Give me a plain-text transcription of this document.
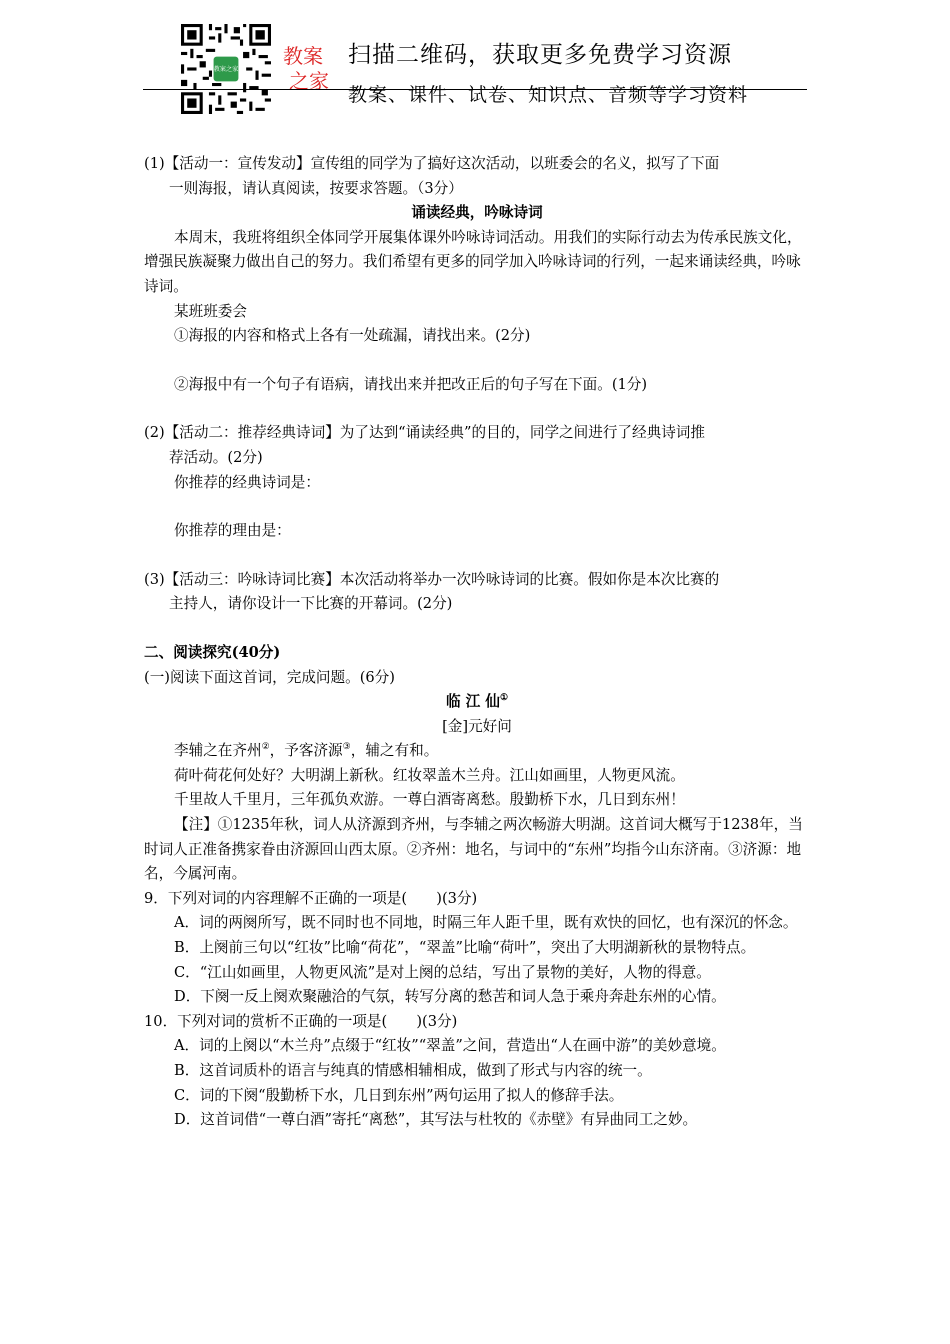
教案之家
教案
之家
扫描二维码，获取更多免费学习资源
教案、课件、试卷、知识点、音频等学习资料

(1)【活动一：宣传发动】宣传组的同学为了搞好这次活动，以班委会的名义，拟写了下面
一则海报，请认真阅读，按要求答题。（3分）

诵读经典，吟咏诗词

本周末，我班将组织全体同学开展集体课外吟咏诗词活动。用我们的实际行动去为传承民族文化，增强民族凝聚力做出自己的努力。我们希望有更多的同学加入吟咏诗词的行列，一起来诵读经典，吟咏诗词。

某班班委会

①海报的内容和格式上各有一处疏漏，请找出来。(2分)

②海报中有一个句子有语病，请找出来并把改正后的句子写在下面。(1分)

(2)【活动二：推荐经典诗词】为了达到“诵读经典”的目的，同学之间进行了经典诗词推
荐活动。(2分)

你推荐的经典诗词是：

你推荐的理由是：

(3)【活动三：吟咏诗词比赛】本次活动将举办一次吟咏诗词的比赛。假如你是本次比赛的
主持人，请你设计一下比赛的开幕词。(2分)

二、阅读探究(40分)

(一)阅读下面这首词，完成问题。(6分)

临 江 仙①

[金]元好问

李辅之在齐州②，予客济源③，辅之有和。

荷叶荷花何处好？大明湖上新秋。红妆翠盖木兰舟。江山如画里，人物更风流。

千里故人千里月，三年孤负欢游。一尊白酒寄离愁。殷勤桥下水，几日到东州！

【注】①1235年秋，词人从济源到齐州，与李辅之两次畅游大明湖。这首词大概写于1238年，当时词人正准备携家眷由济源回山西太原。②齐州：地名，与词中的“东州”均指今山东济南。③济源：地名，今属河南。

9．下列对词的内容理解不正确的一项是(　　)(3分)

A．词的两阕所写，既不同时也不同地，时隔三年人距千里，既有欢快的回忆，也有深沉的怀念。

B．上阕前三句以“红妆”比喻“荷花”，“翠盖”比喻“荷叶”，突出了大明湖新秋的景物特点。

C．“江山如画里，人物更风流”是对上阕的总结，写出了景物的美好，人物的得意。

D．下阕一反上阕欢聚融洽的气氛，转写分离的愁苦和词人急于乘舟奔赴东州的心情。

10．下列对词的赏析不正确的一项是(　　)(3分)

A．词的上阕以“木兰舟”点缀于“红妆”“翠盖”之间，营造出“人在画中游”的美妙意境。

B．这首词质朴的语言与纯真的情感相辅相成，做到了形式与内容的统一。

C．词的下阕“殷勤桥下水，几日到东州”两句运用了拟人的修辞手法。

D．这首词借“一尊白酒”寄托“离愁”，其写法与杜牧的《赤壁》有异曲同工之妙。
